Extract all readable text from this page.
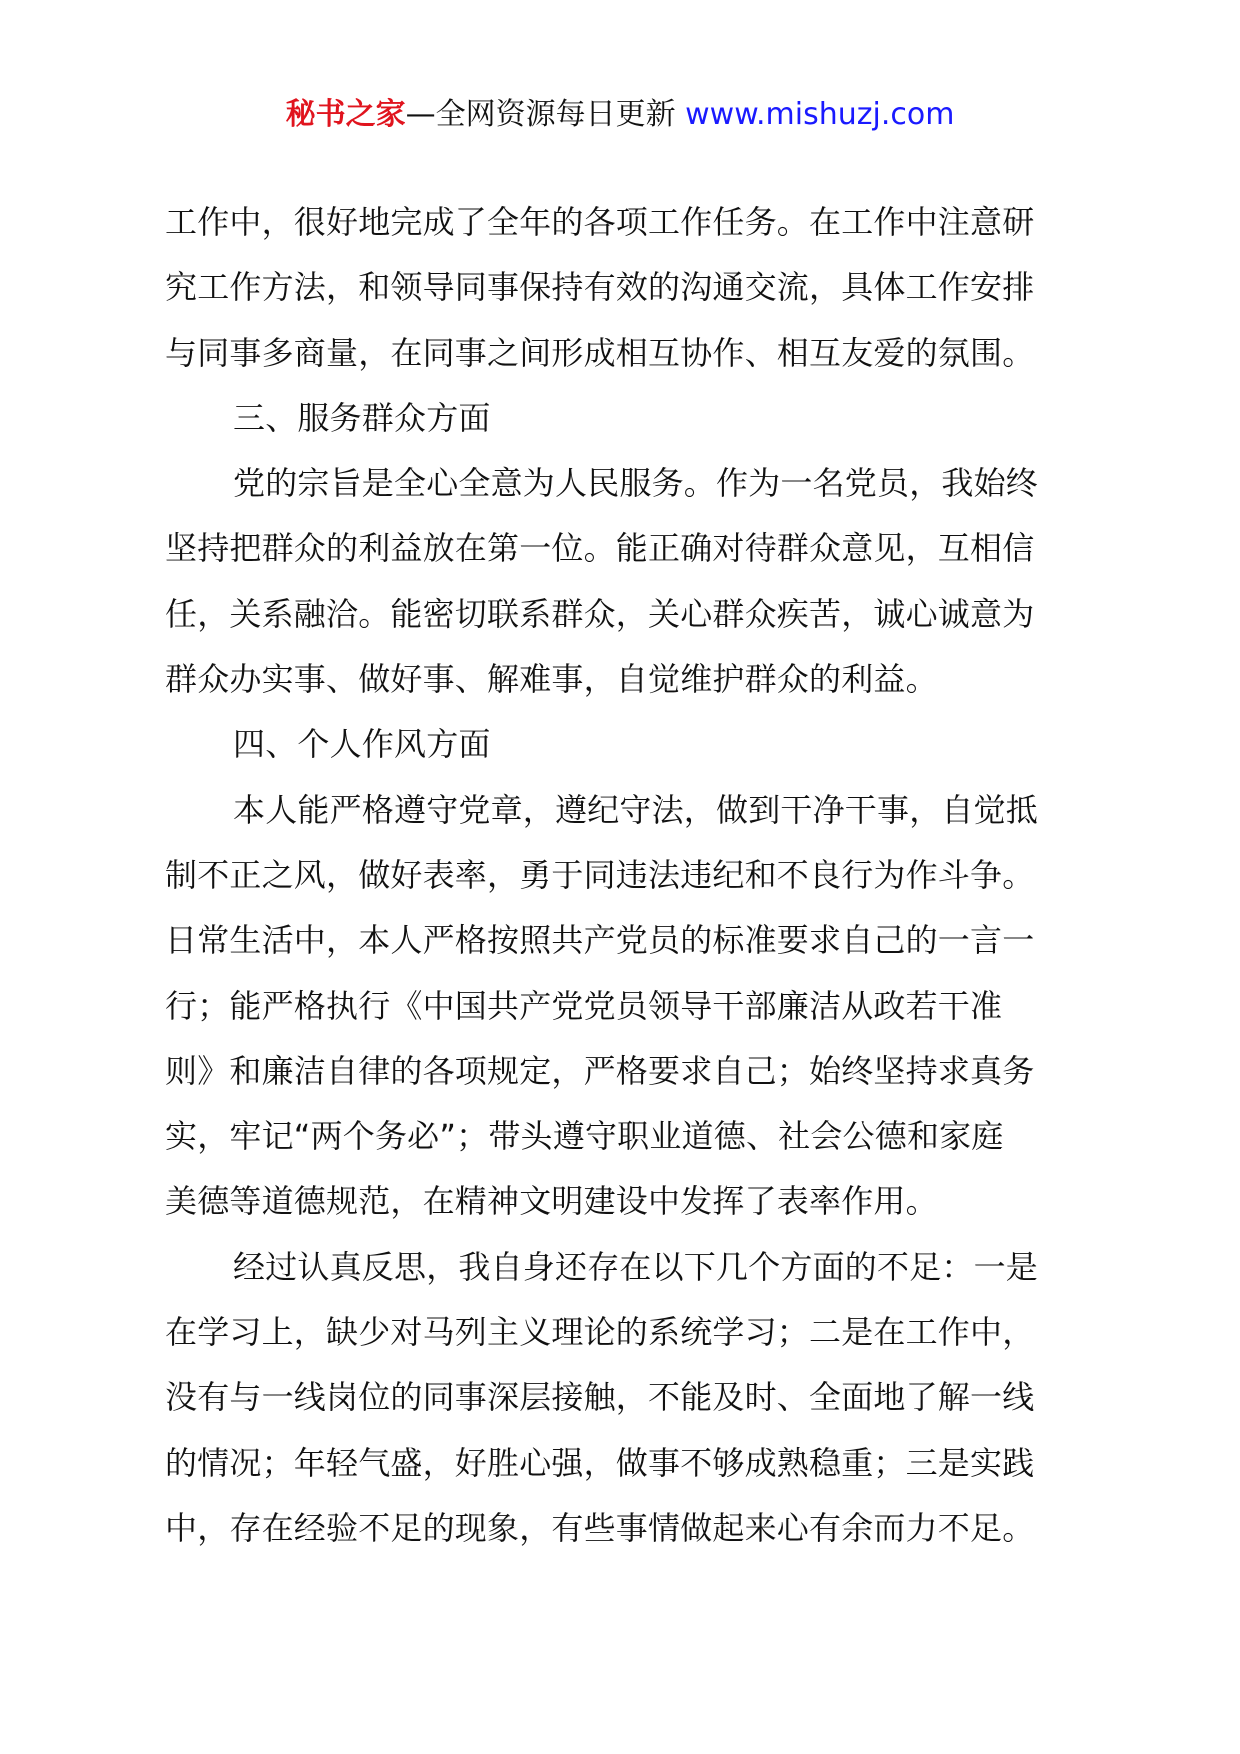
秘书之家—全网资源每日更新 www.mishuzj.com
工作中，很好地完成了全年的各项工作任务。在工作中注意研
究工作方法，和领导同事保持有效的沟通交流，具体工作安排
与同事多商量，在同事之间形成相互协作、相互友爱的氛围。
三、服务群众方面
党的宗旨是全心全意为人民服务。作为一名党员，我始终
坚持把群众的利益放在第一位。能正确对待群众意见，互相信
任，关系融洽。能密切联系群众，关心群众疾苦，诚心诚意为
群众办实事、做好事、解难事，自觉维护群众的利益。
四、个人作风方面
本人能严格遵守党章，遵纪守法，做到干净干事，自觉抵
制不正之风，做好表率，勇于同违法违纪和不良行为作斗争。
日常生活中，本人严格按照共产党员的标准要求自己的一言一
行；能严格执行《中国共产党党员领导干部廉洁从政若干准
则》和廉洁自律的各项规定，严格要求自己；始终坚持求真务
实，牢记“两个务必”；带头遵守职业道德、社会公德和家庭
美德等道德规范，在精神文明建设中发挥了表率作用。
经过认真反思，我自身还存在以下几个方面的不足：一是
在学习上，缺少对马列主义理论的系统学习；二是在工作中，
没有与一线岗位的同事深层接触，不能及时、全面地了解一线
的情况；年轻气盛，好胜心强，做事不够成熟稳重；三是实践
中，存在经验不足的现象，有些事情做起来心有余而力不足。
